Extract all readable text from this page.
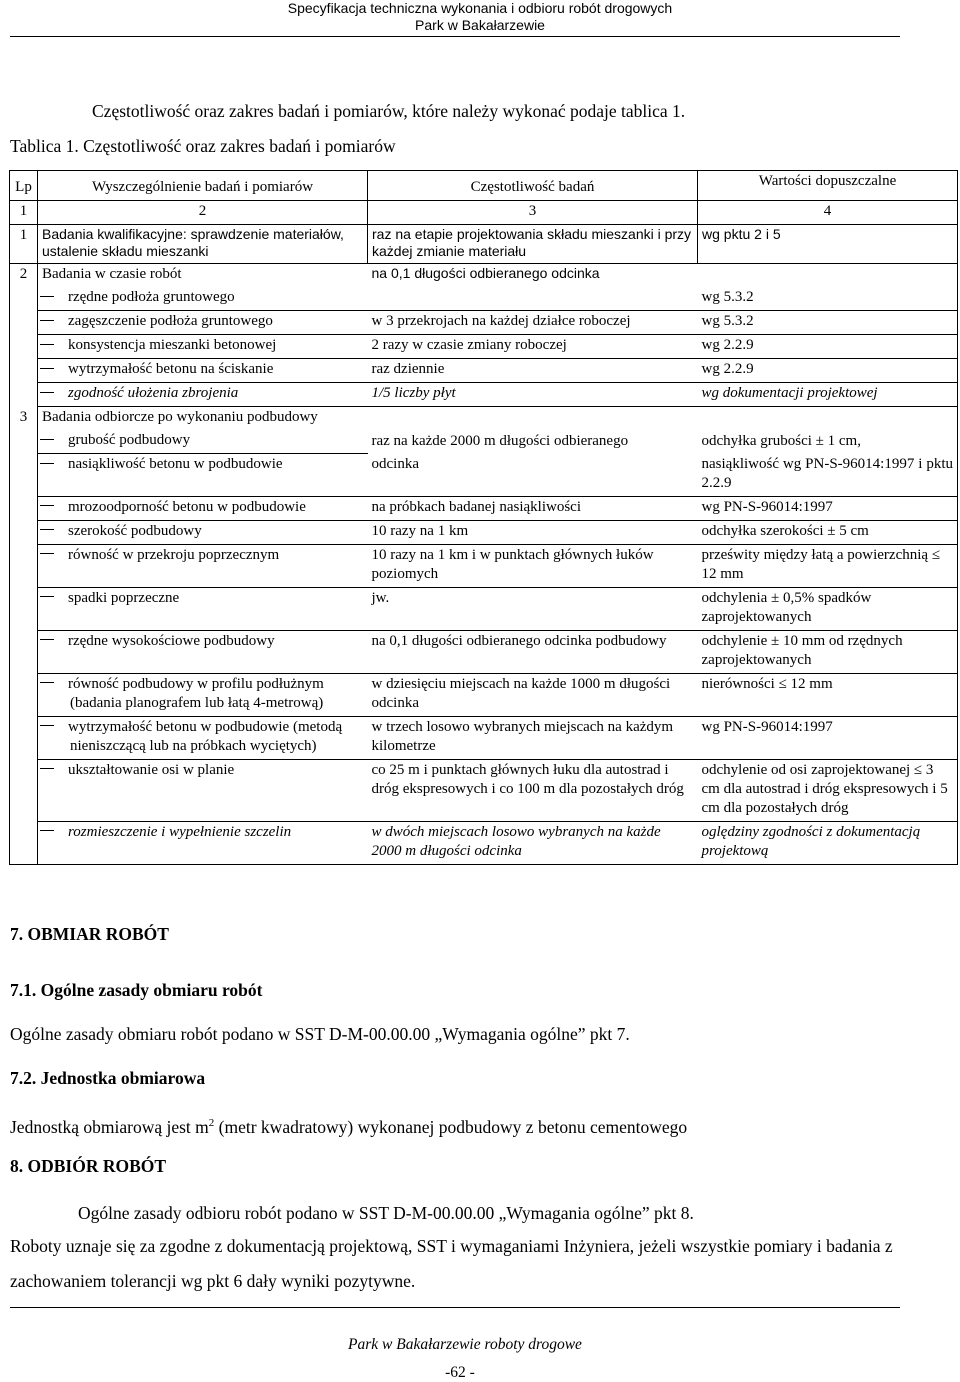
Specyfikacja techniczna wykonania i odbioru robót drogowych
Park w Bakałarzewie
Częstotliwość oraz zakres badań i pomiarów, które należy wykonać podaje tablica 1.
Tablica 1. Częstotliwość oraz zakres badań i pomiarów
Lp	Wyszczególnienie badań i pomiarów	Częstotliwość badań	Wartości dopuszczalne
1	2	3	4
1	Badania kwalifikacyjne: sprawdzenie materiałów, ustalenie składu mieszanki	raz na etapie projektowania składu mieszanki i przy każdej zmianie materiału	wg pktu 2 i 5
2	Badania w czasie robót	na 0,1 długości odbieranego odcinka	
	rzędne podłoża gruntowego		wg 5.3.2
	zagęszczenie podłoża gruntowego	w 3 przekrojach na każdej działce roboczej	wg 5.3.2
	konsystencja mieszanki betonowej	2 razy w czasie zmiany roboczej	wg 2.2.9
	wytrzymałość betonu na ściskanie	raz dziennie	wg 2.2.9
	zgodność ułożenia zbrojenia	1/5 liczby płyt	wg dokumentacji projektowej
3	Badania odbiorcze po wykonaniu podbudowy		
	grubość podbudowy	raz na każde 2000 m długości odbieranego	odchyłka grubości ± 1 cm,
	nasiąkliwość betonu w podbudowie	odcinka	nasiąkliwość wg PN-S-96014:1997 i pktu 2.2.9
	mrozoodporność betonu w podbudowie	na próbkach badanej nasiąkliwości	wg PN-S-96014:1997
	szerokość podbudowy	10 razy na 1 km	odchyłka szerokości ± 5 cm
	równość w przekroju poprzecznym	10 razy na 1 km i w punktach głównych łuków poziomych	prześwity między łatą a powierzchnią ≤ 12 mm
	spadki poprzeczne	jw.	odchylenia ± 0,5% spadków zaprojektowanych
	rzędne wysokościowe podbudowy	na 0,1 długości odbieranego odcinka podbudowy	odchylenie ± 10 mm od rzędnych zaprojektowanych
	równość podbudowy w profilu podłużnym (badania planografem lub łatą 4-metrową)	w dziesięciu miejscach na każde 1000 m długości odcinka	nierówności ≤ 12 mm
	wytrzymałość betonu w podbudowie (metodą nieniszczącą lub na próbkach wyciętych)	w trzech losowo wybranych miejscach na każdym kilometrze	wg PN-S-96014:1997
	ukształtowanie osi w planie	co 25 m i punktach głównych łuku dla autostrad i dróg ekspresowych i co 100 m dla pozostałych dróg	odchylenie od osi zaprojektowanej ≤ 3 cm dla autostrad i dróg ekspresowych i 5 cm dla pozostałych dróg
	rozmieszczenie i wypełnienie szczelin	w dwóch miejscach losowo wybranych na każde 2000 m długości odcinka	oględziny zgodności z dokumentacją projektową
7. OBMIAR ROBÓT
7.1. Ogólne zasady obmiaru robót
Ogólne zasady obmiaru robót podano w SST D-M-00.00.00 „Wymagania ogólne” pkt 7.
7.2. Jednostka obmiarowa
Jednostką obmiarową jest $m^2$ (metr kwadratowy) wykonanej podbudowy z betonu cementowego
8. ODBIÓR ROBÓT
Ogólne zasady odbioru robót podano w SST D-M-00.00.00 „Wymagania ogólne” pkt 8.
Roboty uznaje się za zgodne z dokumentacją projektową, SST i wymaganiami Inżyniera, jeżeli wszystkie pomiary i badania z zachowaniem tolerancji wg pkt 6 dały wyniki pozytywne.
Park w Bakałarzewie roboty drogowe
-62 -
